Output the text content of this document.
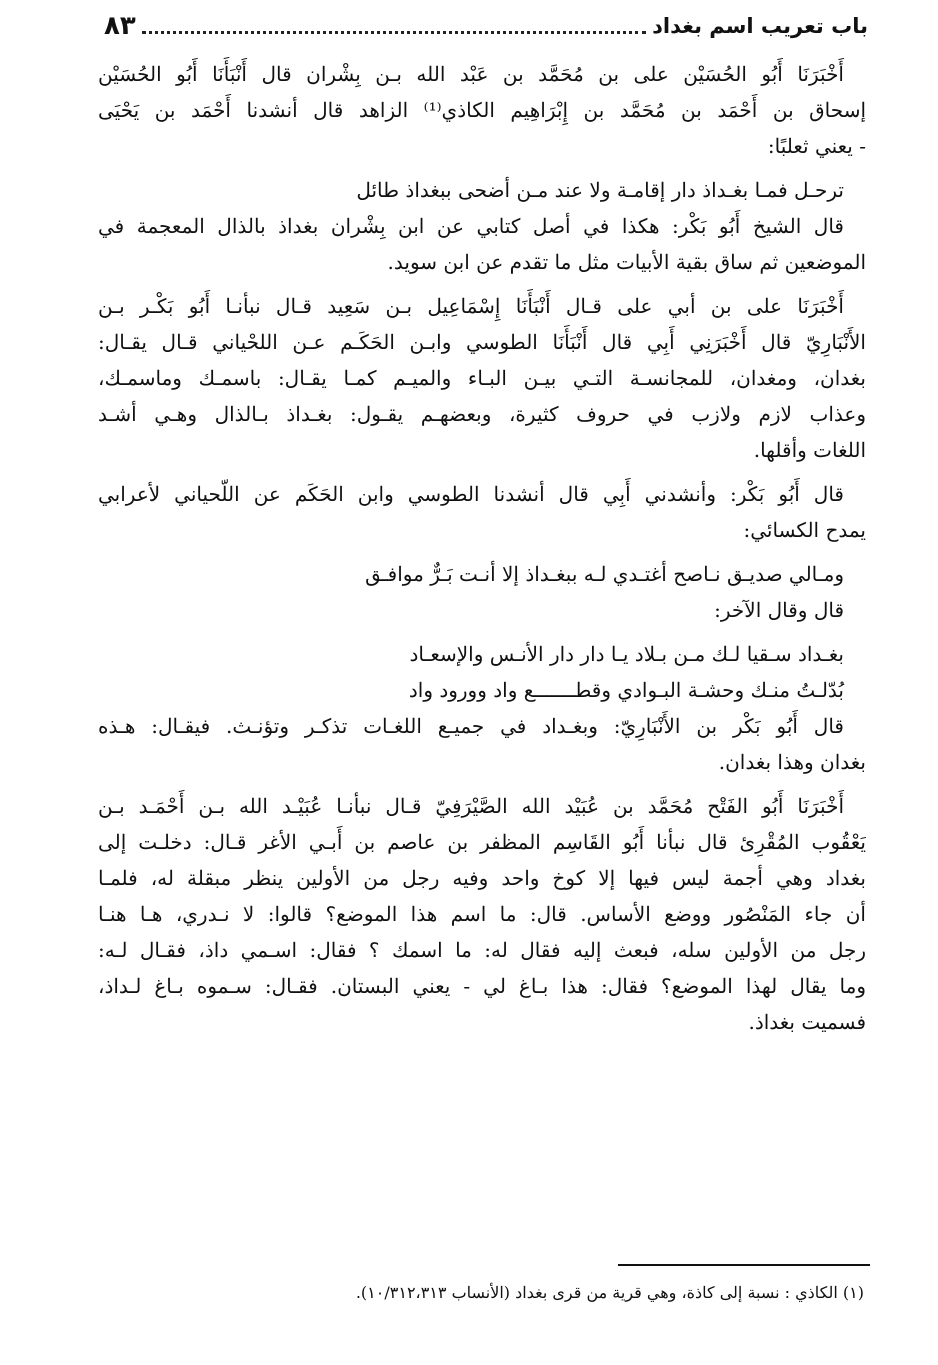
باب تعريب اسم بغداد
٨٣
أَخْبَرَنَا أَبُو الحُسَيْن على بن مُحَمَّد بن عَبْد الله بـن بِشْران قال أَنْبَأَنَا أَبُو الحُسَيْن
إسحاق بن أَحْمَد بن مُحَمَّد بن إِبْرَاهِيم الكاذي⁽¹⁾ الزاهد قال أنشدنا أَحْمَد بن يَحْيَى
- يعني ثعلبًا:
ترحـل فمـا بغـداذ دار إقامـة ولا عند مـن أضحى ببغداذ طائل
قال الشيخ أَبُو بَكْر: هكذا في أصل كتابي عن ابن بِشْران بغداذ بالذال المعجمة في
الموضعين ثم ساق بقية الأبيات مثل ما تقدم عن ابن سويد.
أَخْبَرَنَا على بن أبي على قـال أَنْبَأَنَا إِسْمَاعِيل بـن سَعِيد قـال نبأنـا أَبُو بَكْـر بـن
الأَنْبَارِيّ قال أَخْبَرَنِي أَبِي قال أَنْبَأَنَا الطوسي وابـن الحَكَـم عـن اللحْياني قـال يقـال:
بغدان، ومغدان، للمجانسـة التـي بيـن البـاء والميـم كمـا يقـال: باسمـك وماسمـك،
وعذاب لازم ولازب في حروف كثيرة، وبعضهـم يقـول: بغـداذ بـالذال وهـي أشـد
اللغات وأقلها.
قال أَبُو بَكْر: وأنشدني أَبِي قال أنشدنا الطوسي وابن الحَكَم عن اللّحياني لأعرابي
يمدح الكسائي:
ومـالي صديـق نـاصح أغتـدي لـه ببغـداذ إلا أنـت بَـرٌّ موافـق
قال وقال الآخر:
بغـداد سـقيا لـك مـن بـلاد يـا دار دار الأنـس والإسعـاد
بُدّلـتُ منـك وحشـة البـوادي وقطـــــــع واد وورود واد
قال أَبُو بَكْر بن الأَنْبَارِيّ: وبغـداد في جميـع اللغـات تذكـر وتؤنـث. فيقـال: هـذه
بغدان وهذا بغدان.
أَخْبَرَنَا أَبُو الفَتْح مُحَمَّد بن عُبَيْد الله الصَّيْرَفِيّ قـال نبأنـا عُبَيْـد الله بـن أَحْمَـد بـن
يَعْقُوب المُقْرِئ قال نبأنا أَبُو القَاسِم المظفر بن عاصم بن أَبـي الأغر قـال: دخلـت إلى
بغداد وهي أجمة ليس فيها إلا كوخ واحد وفيه رجل من الأولين ينظر مبقلة له، فلمـا
أن جاء المَنْصُور ووضع الأساس. قال: ما اسم هذا الموضع؟ قالوا: لا نـدري، هـا هنـا
رجل من الأولين سله، فبعث إليه فقال له: ما اسمك ؟ فقال: اسـمي داذ، فقـال لـه:
وما يقال لهذا الموضع؟ فقال: هذا بـاغ لي - يعني البستان. فقـال: سـموه بـاغ لـداذ،
فسميت بغداذ.
(١) الكاذي : نسبة إلى كاذة، وهي قرية من قرى بغداد (الأنساب ١٠/٣١٢،٣١٣).
